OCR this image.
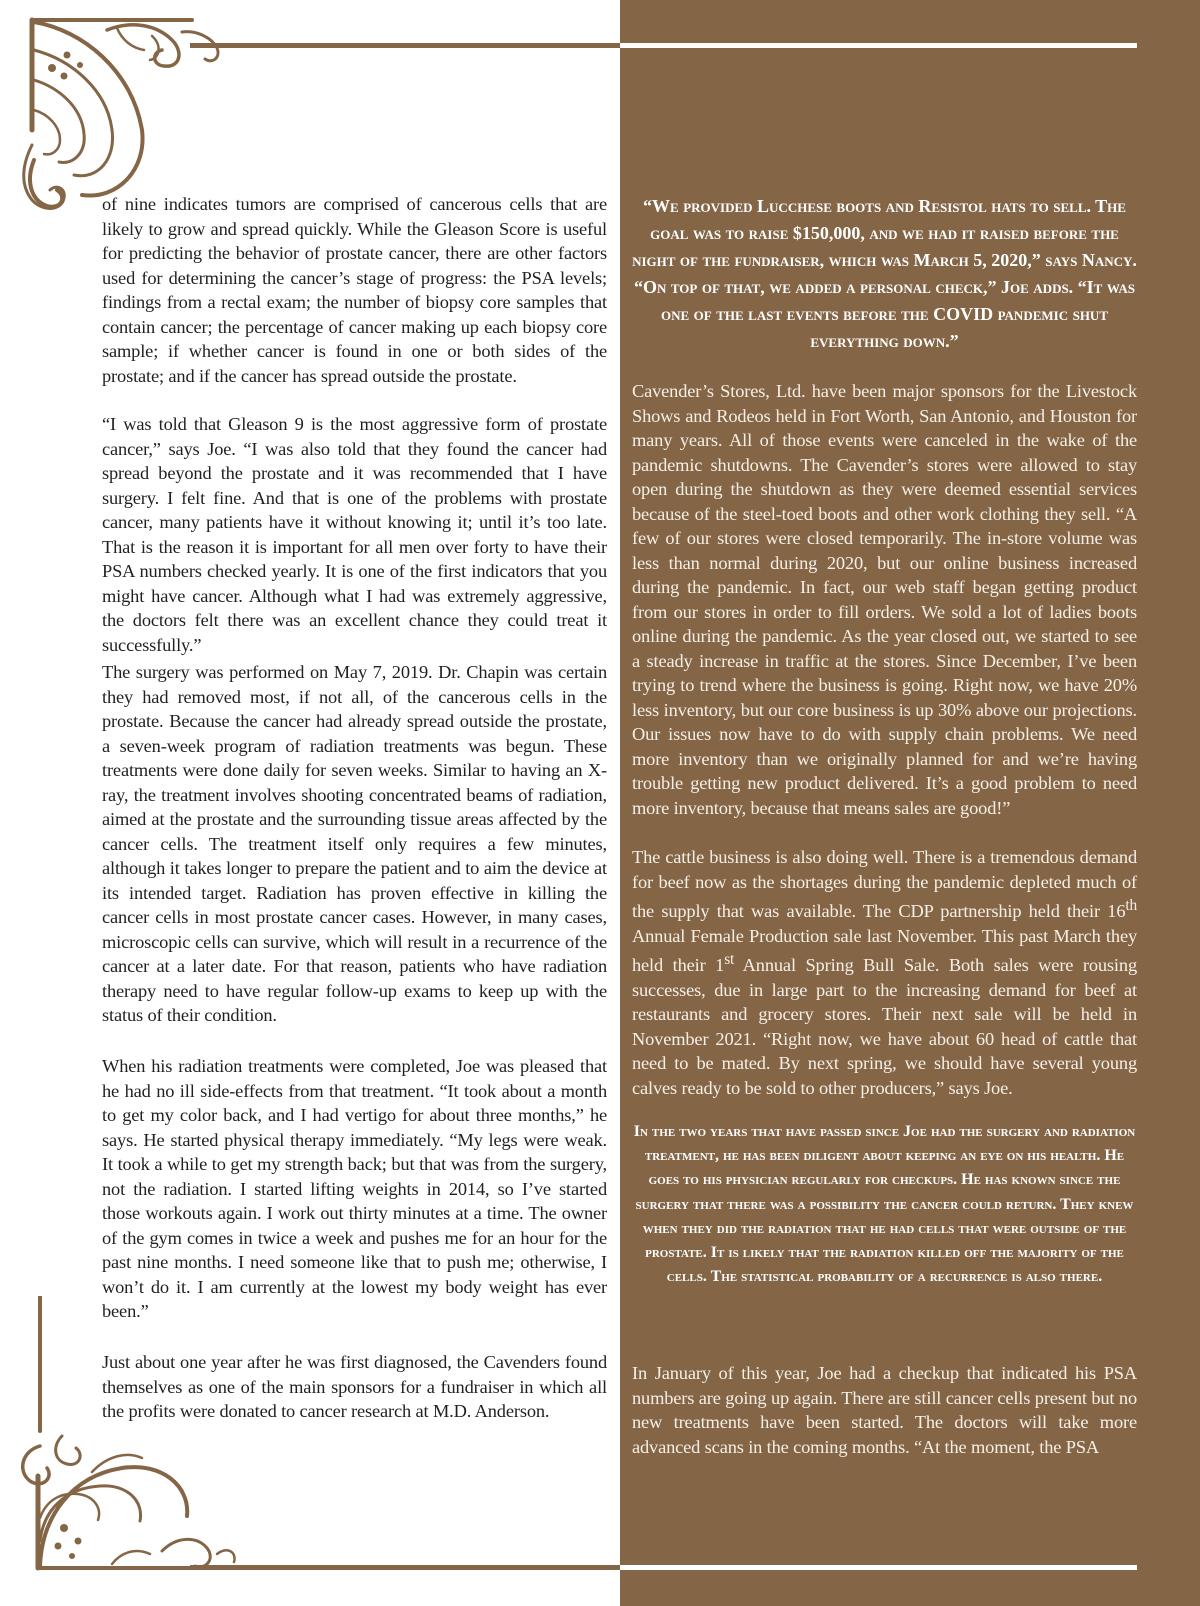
of nine indicates tumors are comprised of cancerous cells that are likely to grow and spread quickly. While the Gleason Score is useful for predicting the behavior of prostate cancer, there are other factors used for determining the cancer’s stage of progress: the PSA levels; findings from a rectal exam; the number of biopsy core samples that contain cancer; the percentage of cancer making up each biopsy core sample; if whether cancer is found in one or both sides of the prostate; and if the cancer has spread outside the prostate.

“I was told that Gleason 9 is the most aggressive form of prostate cancer,” says Joe. “I was also told that they found the cancer had spread beyond the prostate and it was recommended that I have surgery. I felt fine. And that is one of the problems with prostate cancer, many patients have it without knowing it; until it’s too late. That is the reason it is important for all men over forty to have their PSA numbers checked yearly. It is one of the first indicators that you might have cancer. Although what I had was extremely aggressive, the doctors felt there was an excellent chance they could treat it successfully.”

The surgery was performed on May 7, 2019. Dr. Chapin was certain they had removed most, if not all, of the cancerous cells in the prostate. Because the cancer had already spread outside the prostate, a seven-week program of radiation treatments was begun. These treatments were done daily for seven weeks. Similar to having an X-ray, the treatment involves shooting concentrated beams of radiation, aimed at the prostate and the surrounding tissue areas affected by the cancer cells. The treatment itself only requires a few minutes, although it takes longer to prepare the patient and to aim the device at its intended target. Radiation has proven effective in killing the cancer cells in most prostate cancer cases. However, in many cases, microscopic cells can survive, which will result in a recurrence of the cancer at a later date. For that reason, patients who have radiation therapy need to have regular follow-up exams to keep up with the status of their condition.

When his radiation treatments were completed, Joe was pleased that he had no ill side-effects from that treatment. “It took about a month to get my color back, and I had vertigo for about three months,” he says. He started physical therapy immediately. “My legs were weak. It took a while to get my strength back; but that was from the surgery, not the radiation. I started lifting weights in 2014, so I’ve started those workouts again. I work out thirty minutes at a time. The owner of the gym comes in twice a week and pushes me for an hour for the past nine months. I need someone like that to push me; otherwise, I won’t do it. I am currently at the lowest my body weight has ever been.”

Just about one year after he was first diagnosed, the Cavenders found themselves as one of the main sponsors for a fundraiser in which all the profits were donated to cancer research at M.D. Anderson.

“We provided Lucchese boots and Resistol hats to sell. The goal was to raise $150,000, and we had it raised before the night of the fundraiser, which was March 5, 2020,” says Nancy. “On top of that, we added a personal check,” Joe adds. “It was one of the last events before the COVID pandemic shut everything down.”

Cavender’s Stores, Ltd. have been major sponsors for the Livestock Shows and Rodeos held in Fort Worth, San Antonio, and Houston for many years. All of those events were canceled in the wake of the pandemic shutdowns. The Cavender’s stores were allowed to stay open during the shutdown as they were deemed essential services because of the steel-toed boots and other work clothing they sell. “A few of our stores were closed temporarily. The in-store volume was less than normal during 2020, but our online business increased during the pandemic. In fact, our web staff began getting product from our stores in order to fill orders. We sold a lot of ladies boots online during the pandemic. As the year closed out, we started to see a steady increase in traffic at the stores. Since December, I’ve been trying to trend where the business is going. Right now, we have 20% less inventory, but our core business is up 30% above our projections. Our issues now have to do with supply chain problems. We need more inventory than we originally planned for and we’re having trouble getting new product delivered. It’s a good problem to need more inventory, because that means sales are good!”

The cattle business is also doing well. There is a tremendous demand for beef now as the shortages during the pandemic depleted much of the supply that was available. The CDP partnership held their 16th Annual Female Production sale last November. This past March they held their 1st Annual Spring Bull Sale. Both sales were rousing successes, due in large part to the increasing demand for beef at restaurants and grocery stores. Their next sale will be held in November 2021. “Right now, we have about 60 head of cattle that need to be mated. By next spring, we should have several young calves ready to be sold to other producers,” says Joe.

In the two years that have passed since Joe had the surgery and radiation treatment, he has been diligent about keeping an eye on his health. He goes to his physician regularly for checkups. He has known since the surgery that there was a possibility the cancer could return. They knew when they did the radiation that he had cells that were outside of the prostate. It is likely that the radiation killed off the majority of the cells. The statistical probability of a recurrence is also there.

In January of this year, Joe had a checkup that indicated his PSA numbers are going up again. There are still cancer cells present but no new treatments have been started. The doctors will take more advanced scans in the coming months. “At the moment, the PSA
